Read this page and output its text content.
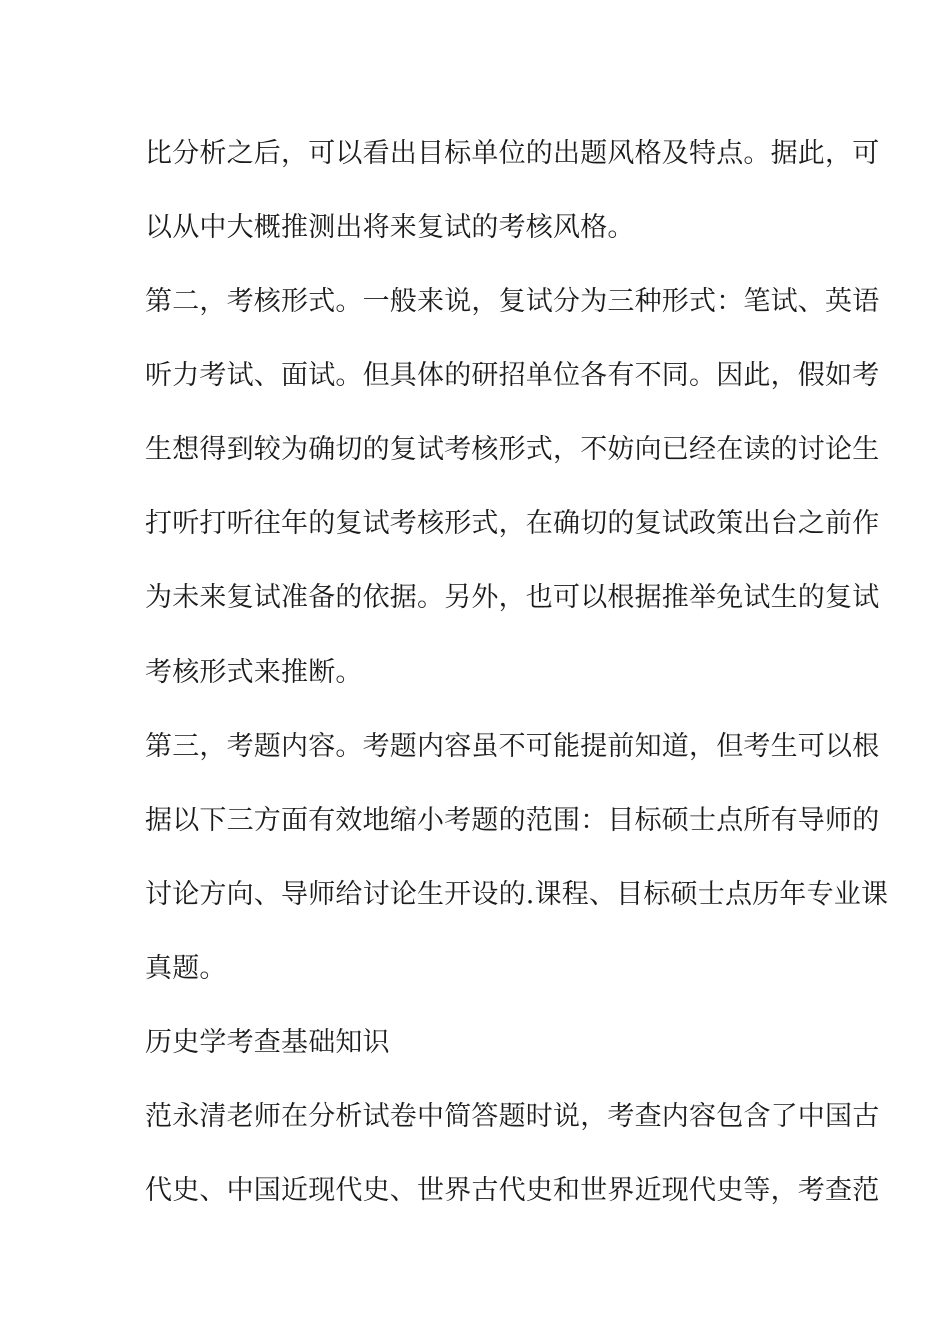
比分析之后，可以看出目标单位的出题风格及特点。据此，可
以从中大概推测出将来复试的考核风格。
第二，考核形式。一般来说，复试分为三种形式：笔试、英语
听力考试、面试。但具体的研招单位各有不同。因此，假如考
生想得到较为确切的复试考核形式，不妨向已经在读的讨论生
打听打听往年的复试考核形式，在确切的复试政策出台之前作
为未来复试准备的依据。另外，也可以根据推举免试生的复试
考核形式来推断。
第三，考题内容。考题内容虽不可能提前知道，但考生可以根
据以下三方面有效地缩小考题的范围：目标硕士点所有导师的
讨论方向、导师给讨论生开设的.课程、目标硕士点历年专业课
真题。
历史学考查基础知识
范永清老师在分析试卷中简答题时说，考查内容包含了中国古
代史、中国近现代史、世界古代史和世界近现代史等，考查范
